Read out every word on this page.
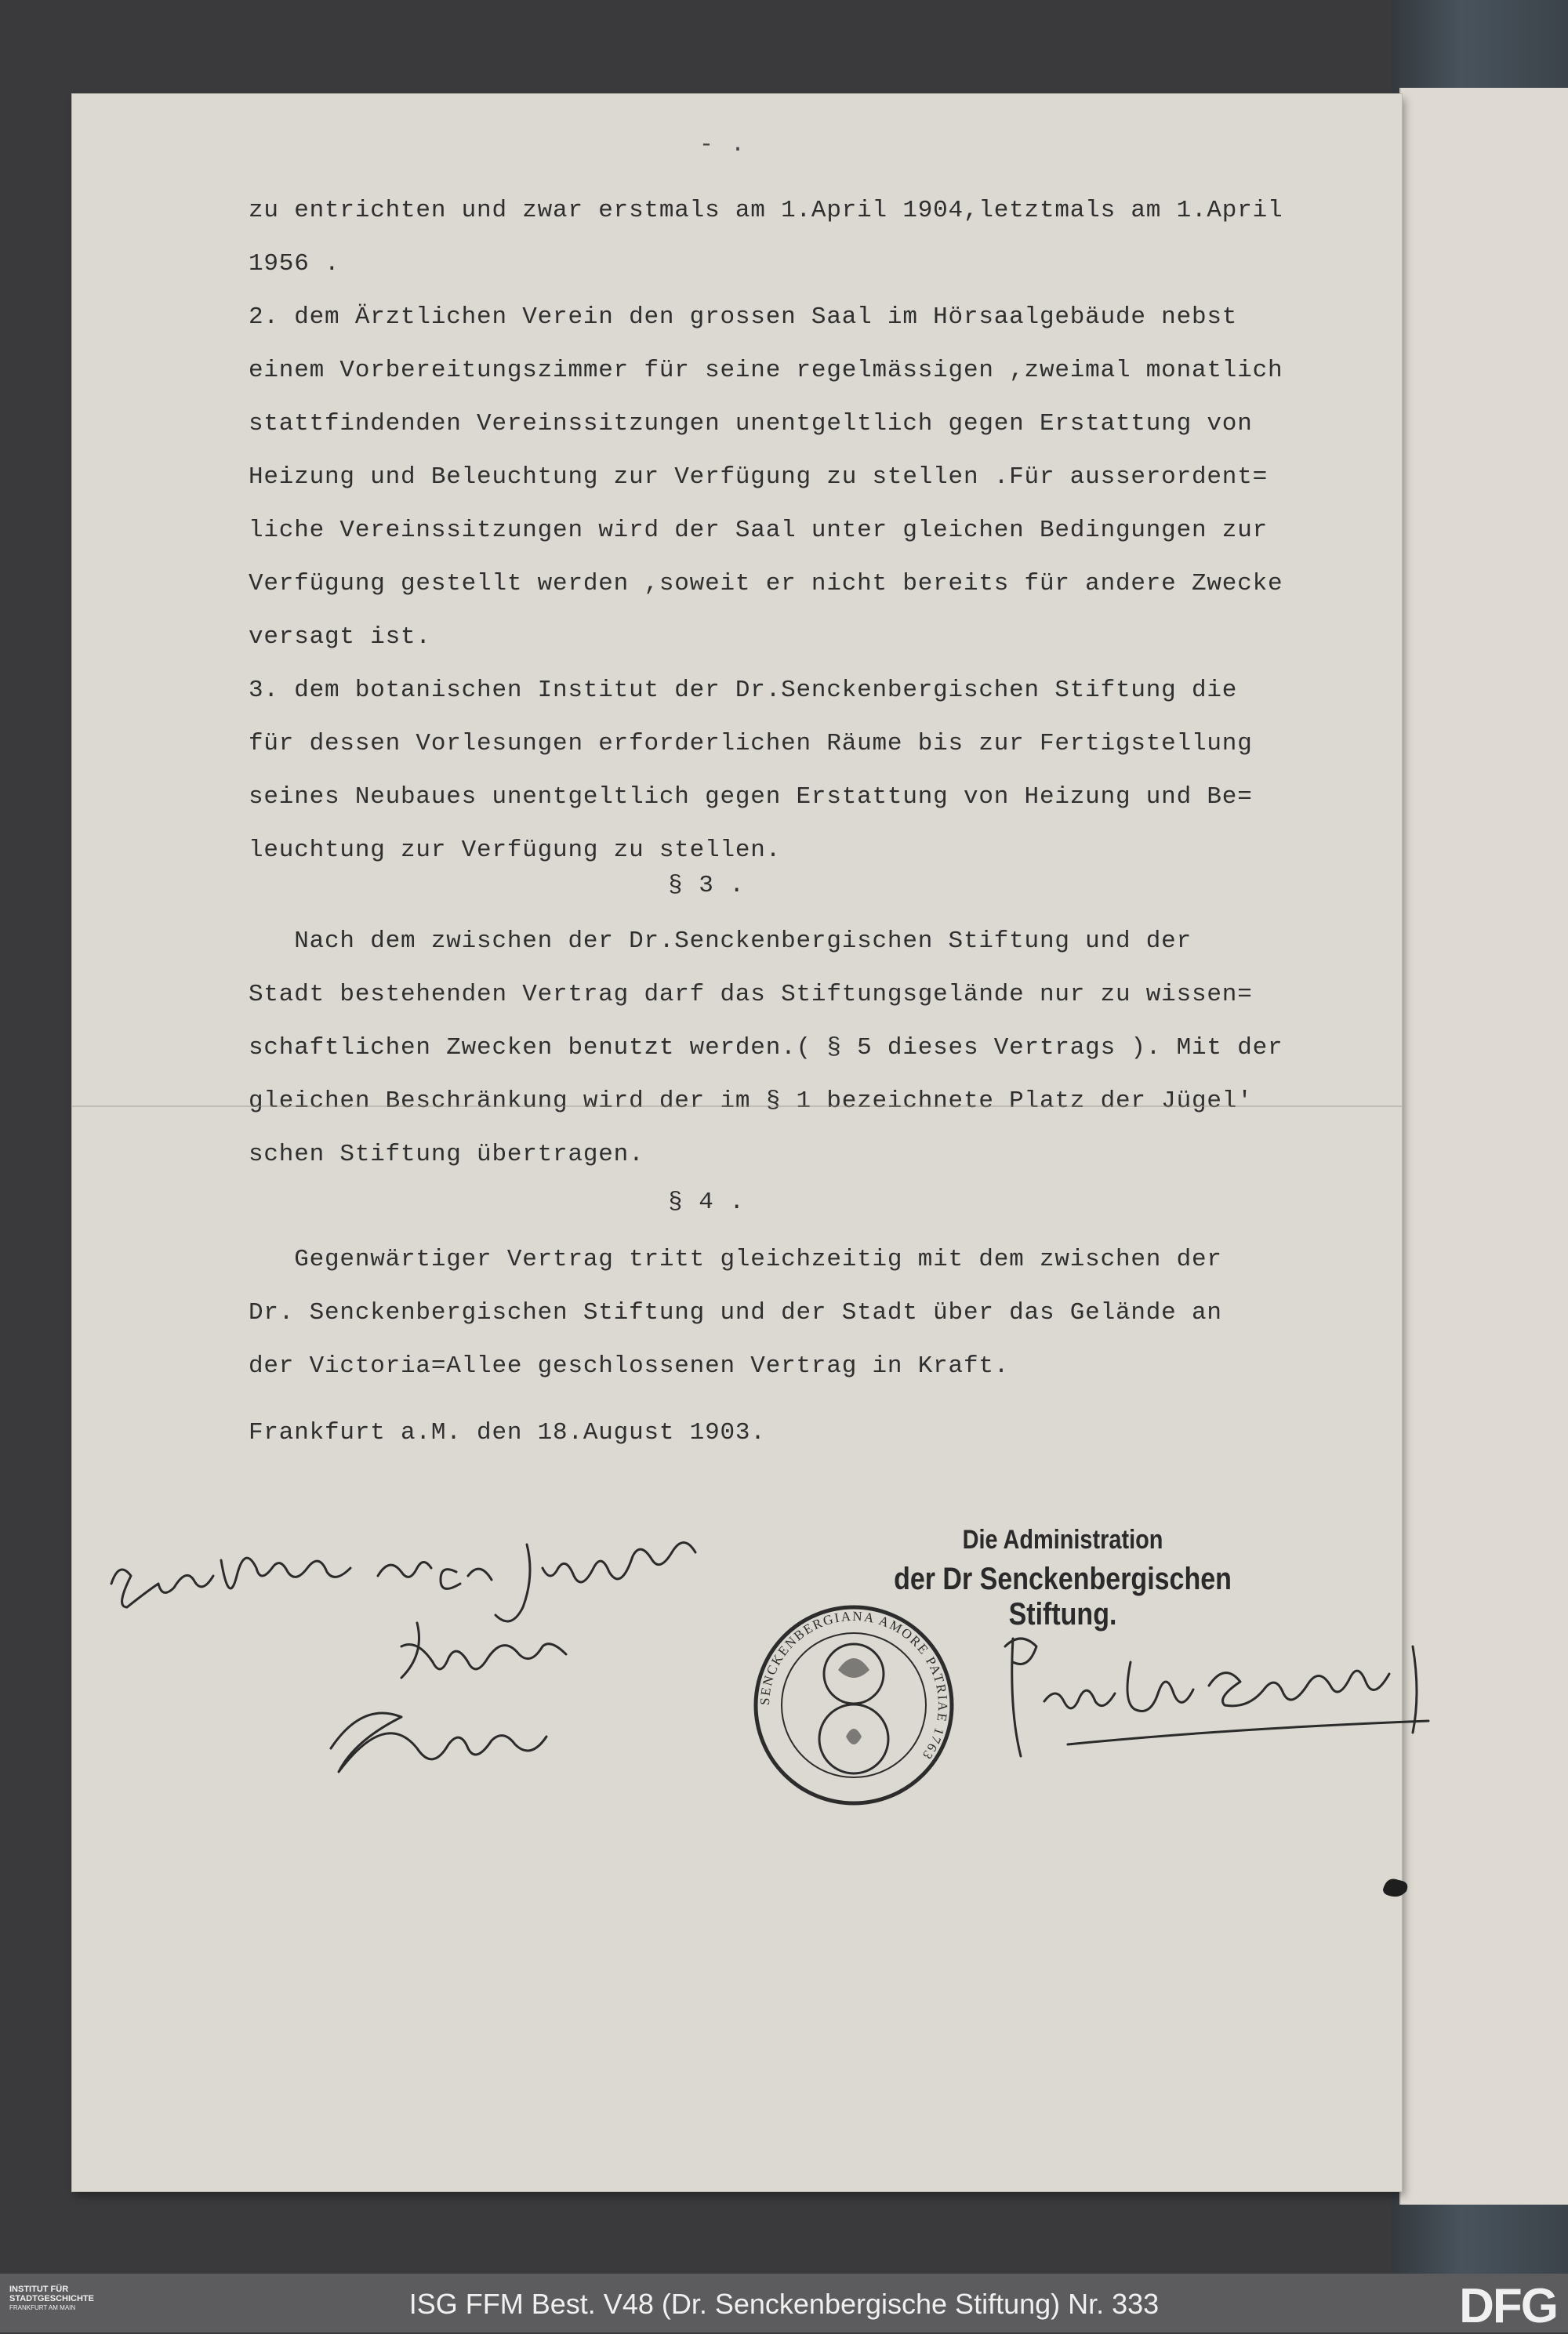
- .

zu entrichten und zwar erstmals am 1.April 1904,letztmals am 1.April

1956 .

2. dem Ärztlichen Verein den grossen Saal im Hörsaalgebäude nebst

einem Vorbereitungszimmer für seine regelmässigen ,zweimal monatlich

stattfindenden Vereinssitzungen unentgeltlich gegen Erstattung von

Heizung und Beleuchtung zur Verfügung zu stellen .Für ausserordent=

liche Vereinssitzungen wird der Saal unter gleichen Bedingungen zur

Verfügung gestellt werden ,soweit er nicht bereits für andere Zwecke

versagt ist.

3. dem botanischen Institut der Dr.Senckenbergischen Stiftung die

für dessen Vorlesungen erforderlichen Räume bis zur Fertigstellung

seines Neubaues unentgeltlich gegen Erstattung von Heizung und Be=

leuchtung zur Verfügung zu stellen.

§ 3 .

Nach dem zwischen der Dr.Senckenbergischen Stiftung und der

Stadt bestehenden Vertrag darf das Stiftungsgelände nur zu wissen=

schaftlichen Zwecken benutzt werden.( § 5 dieses Vertrags ). Mit der

gleichen Beschränkung wird der im § 1 bezeichnete Platz der Jügel'

schen Stiftung übertragen.

§ 4 .

Gegenwärtiger Vertrag tritt gleichzeitig mit dem zwischen der

Dr. Senckenbergischen Stiftung und der Stadt über das Gelände an

der Victoria=Allee geschlossenen Vertrag in Kraft.

Frankfurt a.M. den 18.August 1903.
Die Administration
der Dr Senckenbergischen Stiftung.
SENCKENBERGIANA AMORE PATRIAE 1763
INSTITUT FÜR
STADTGESCHICHTE
FRANKFURT AM MAIN	ISG FFM Best. V48 (Dr. Senckenbergische Stiftung) Nr. 333	DFG
